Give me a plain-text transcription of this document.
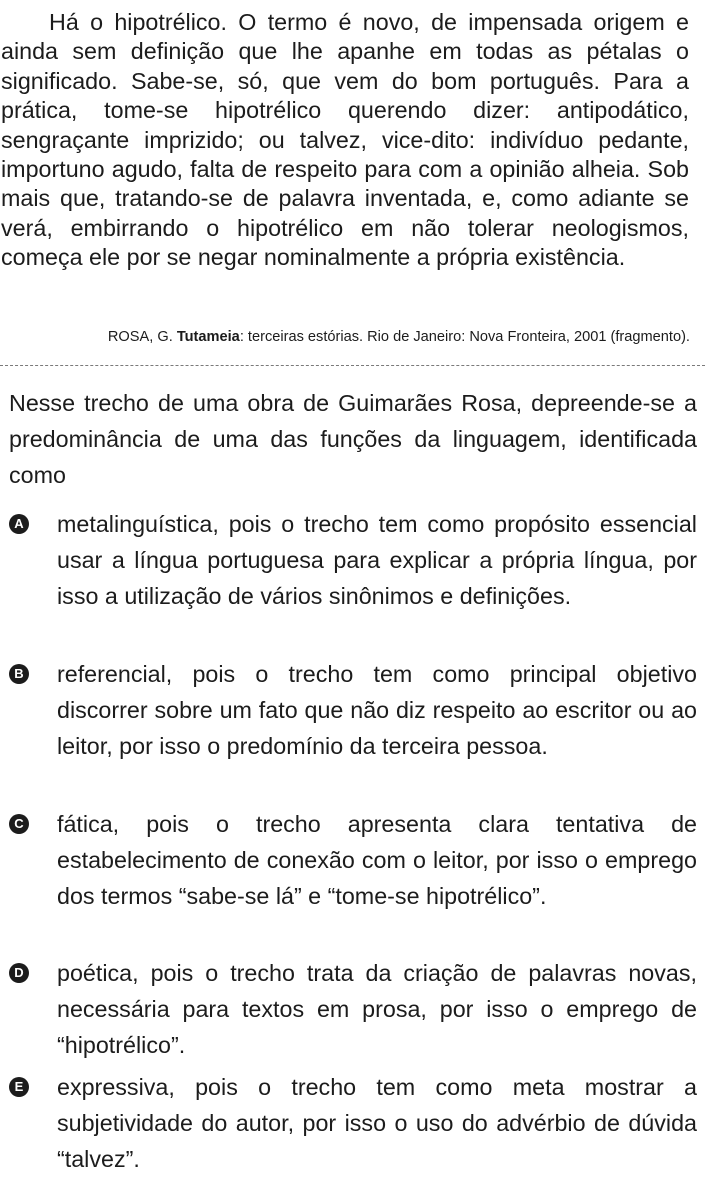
Há o hipotrélico. O termo é novo, de impensada origem e ainda sem definição que lhe apanhe em todas as pétalas o significado. Sabe-se, só, que vem do bom português. Para a prática, tome-se hipotrélico querendo dizer: antipodático, sengraçante imprizido; ou talvez, vice-dito: indivíduo pedante, importuno agudo, falta de respeito para com a opinião alheia. Sob mais que, tratando-se de palavra inventada, e, como adiante se verá, embirrando o hipotrélico em não tolerar neologismos, começa ele por se negar nominalmente a própria existência.

ROSA, G. Tutameia: terceiras estórias. Rio de Janeiro: Nova Fronteira, 2001 (fragmento).

Nesse trecho de uma obra de Guimarães Rosa, depreende-se a predominância de uma das funções da linguagem, identificada como

A metalinguística, pois o trecho tem como propósito essencial usar a língua portuguesa para explicar a própria língua, por isso a utilização de vários sinônimos e definições.

B referencial, pois o trecho tem como principal objetivo discorrer sobre um fato que não diz respeito ao escritor ou ao leitor, por isso o predomínio da terceira pessoa.

C fática, pois o trecho apresenta clara tentativa de estabelecimento de conexão com o leitor, por isso o emprego dos termos “sabe-se lá” e “tome-se hipotrélico”.

D poética, pois o trecho trata da criação de palavras novas, necessária para textos em prosa, por isso o emprego de “hipotrélico”.

E expressiva, pois o trecho tem como meta mostrar a subjetividade do autor, por isso o uso do advérbio de dúvida “talvez”.
